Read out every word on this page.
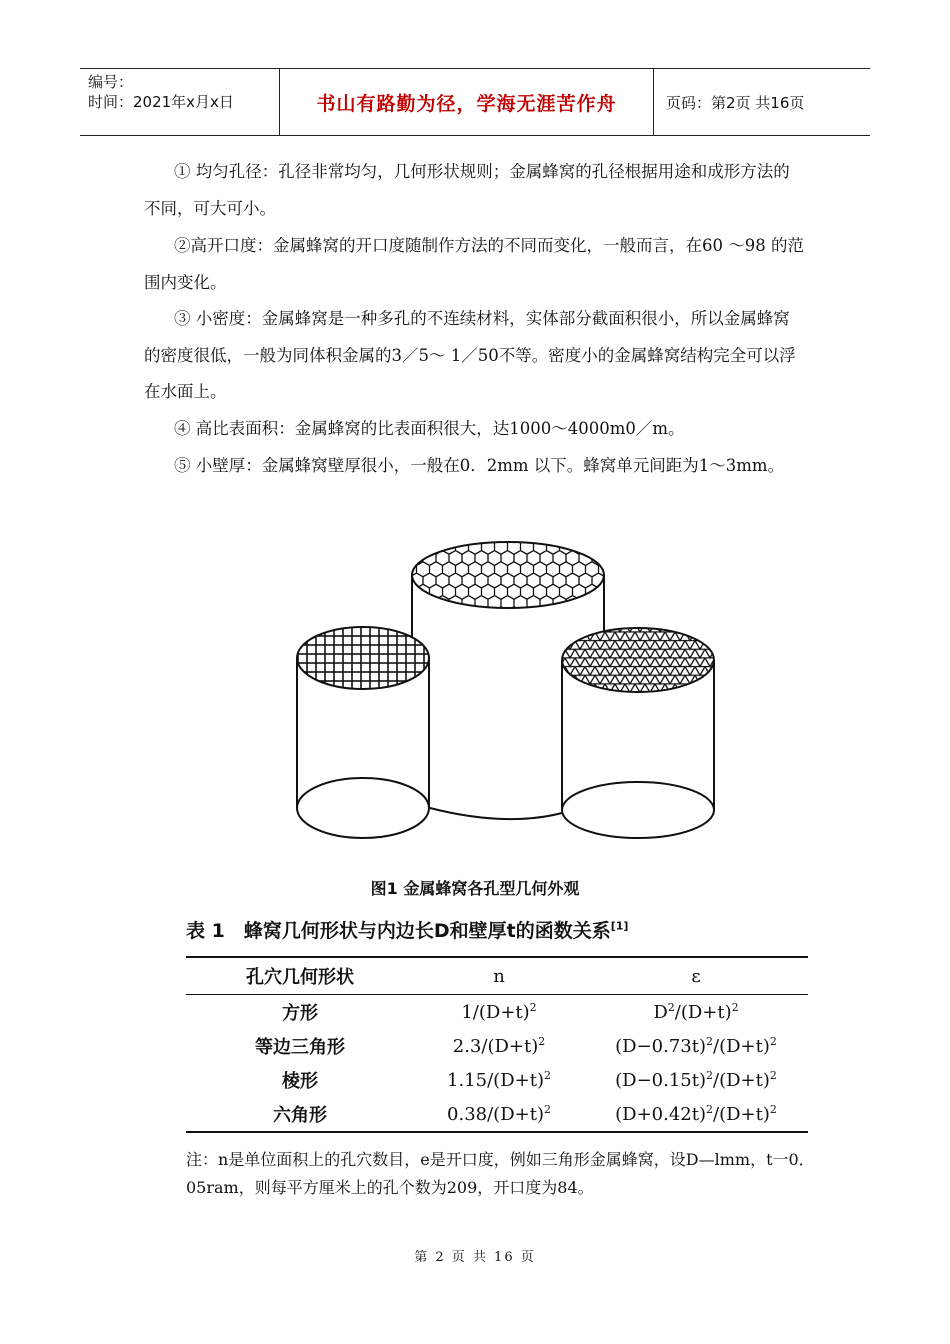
编号：
时间：2021年x月x日	书山有路勤为径，学海无涯苦作舟	页码：第2页 共16页

① 均匀孔径：孔径非常均匀，几何形状规则；金属蜂窝的孔径根据用途和成形方法的不同，可大可小。

②高开口度：金属蜂窝的开口度随制作方法的不同而变化，一般而言，在60 ～98 的范围内变化。

③ 小密度：金属蜂窝是一种多孔的不连续材料，实体部分截面积很小，所以金属蜂窝的密度很低，一般为同体积金属的3／5～ 1／50不等。密度小的金属蜂窝结构完全可以浮在水面上。

④ 高比表面积：金属蜂窝的比表面积很大，达1000～4000m0／m。

⑤ 小壁厚：金属蜂窝壁厚很小，一般在0．2mm 以下。蜂窝单元间距为1～3mm。

图1 金属蜂窝各孔型几何外观
表 1　蜂窝几何形状与内边长D和壁厚t的函数关系[1]
孔穴几何形状	n	ε
方形	$1/(D+t)^2$	$D^2/(D+t)^2$
等边三角形	$2.3/(D+t)^2$	$(D-0.73t)^2/(D+t)^2$
棱形	$1.15/(D+t)^2$	$(D-0.15t)^2/(D+t)^2$
六角形	$0.38/(D+t)^2$	$(D+0.42t)^2/(D+t)^2$

注：n是单位面积上的孔穴数目，e是开口度，例如三角形金属蜂窝，设D—lmm，t一0．05ram，则每平方厘米上的孔个数为209，开口度为84。

第 2 页 共 16 页
